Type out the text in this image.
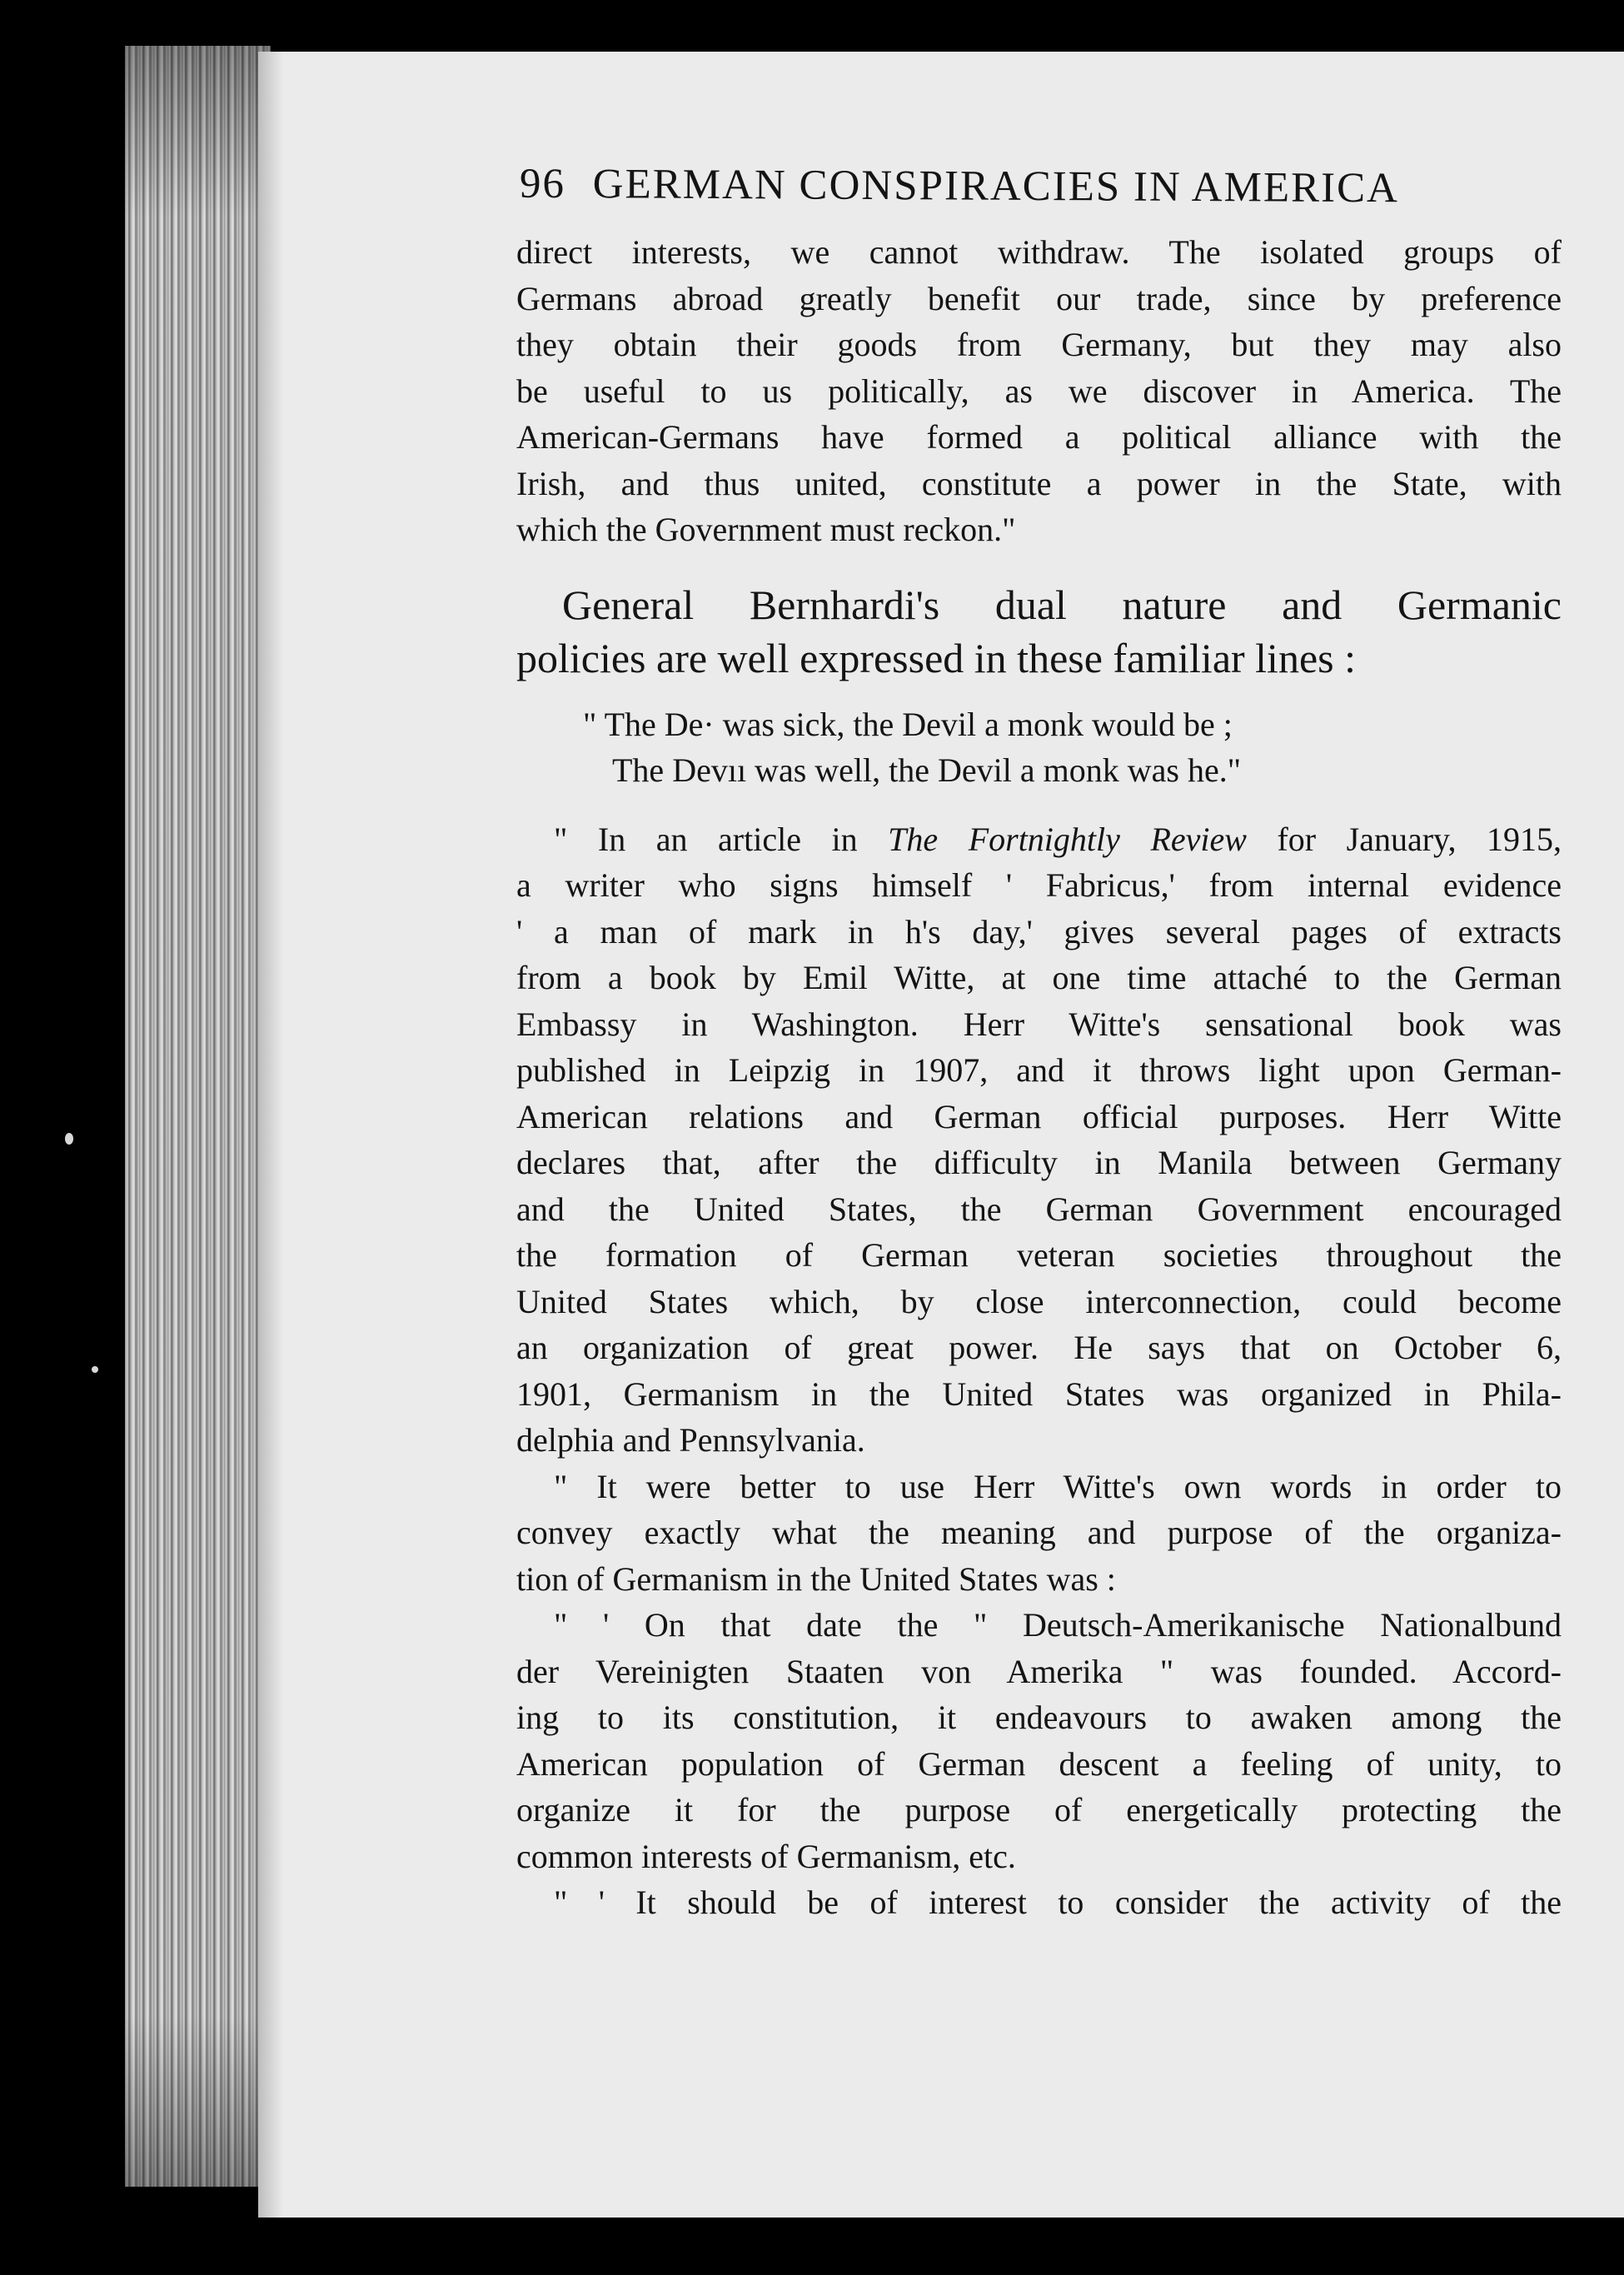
96 GERMAN CONSPIRACIES IN AMERICA
direct interests, we cannot withdraw. The isolated groups of
Germans abroad greatly benefit our trade, since by preference
they obtain their goods from Germany, but they may also
be useful to us politically, as we discover in America. The
American-Germans have formed a political alliance with the
Irish, and thus united, constitute a power in the State, with
which the Government must reckon."
General Bernhardi's dual nature and Germanic
policies are well expressed in these familiar lines :
" The De· was sick, the Devil a monk would be ;
The Devıı was well, the Devil a monk was he."
" In an article in The Fortnightly Review for January, 1915,
a writer who signs himself ' Fabricus,' from internal evidence
' a man of mark in h's day,' gives several pages of extracts
from a book by Emil Witte, at one time attaché to the German
Embassy in Washington. Herr Witte's sensational book was
published in Leipzig in 1907, and it throws light upon German-
American relations and German official purposes. Herr Witte
declares that, after the difficulty in Manila between Germany
and the United States, the German Government encouraged
the formation of German veteran societies throughout the
United States which, by close interconnection, could become
an organization of great power. He says that on October 6,
1901, Germanism in the United States was organized in Phila-
delphia and Pennsylvania.
" It were better to use Herr Witte's own words in order to
convey exactly what the meaning and purpose of the organiza-
tion of Germanism in the United States was :
" ' On that date the " Deutsch-Amerikanische Nationalbund
der Vereinigten Staaten von Amerika " was founded. Accord-
ing to its constitution, it endeavours to awaken among the
American population of German descent a feeling of unity, to
organize it for the purpose of energetically protecting the
common interests of Germanism, etc.
" ' It should be of interest to consider the activity of the
